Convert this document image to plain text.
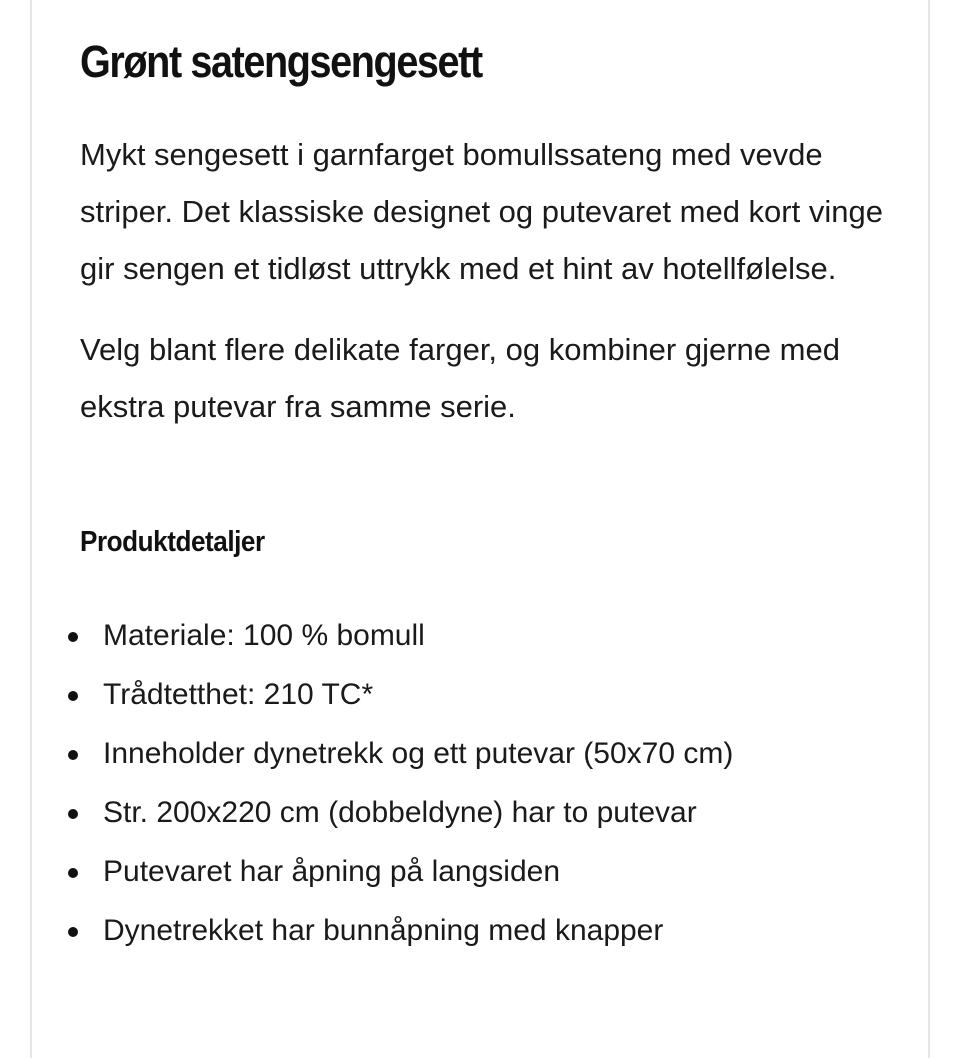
Grønt satengsengesett

Mykt sengesett i garnfarget bomullssateng med vevde striper. Det klassiske designet og putevaret med kort vinge gir sengen et tidløst uttrykk med et hint av hotellfølelse.

Velg blant flere delikate farger, og kombiner gjerne med ekstra putevar fra samme serie.

Produktdetaljer
Materiale: 100 % bomull
Trådtetthet: 210 TC*
Inneholder dynetrekk og ett putevar (50x70 cm)
Str. 200x220 cm (dobbeldyne) har to putevar
Putevaret har åpning på langsiden
Dynetrekket har bunnåpning med knapper
